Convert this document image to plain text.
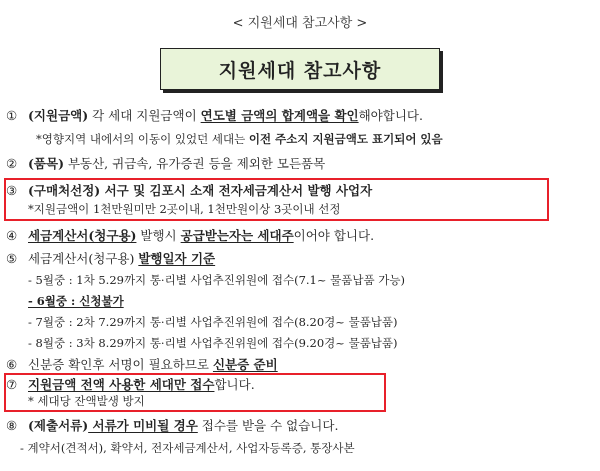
< 지원세대 참고사항 >
지원세대 참고사항
① (지원금액) 각 세대 지원금액이 연도별 금액의 합계액을 확인해야합니다.
*영향지역 내에서의 이동이 있었던 세대는 이전 주소지 지원금액도 표기되어 있음
② (품목) 부동산, 귀금속, 유가증권 등을 제외한 모든품목
③ (구매처선정) 서구 및 김포시 소재 전자세금계산서 발행 사업자
*지원금액이 1천만원미만 2곳이내, 1천만원이상 3곳이내 선정
④ 세금계산서(청구용) 발행시 공급받는자는 세대주이어야 합니다.
⑤ 세금계산서(청구용) 발행일자 기준
- 5월중 : 1차 5.29까지 통·리별 사업추진위원에 접수(7.1~ 물품납품 가능)
- 6월중 : 신청불가
- 7월중 : 2차 7.29까지 통·리별 사업추진위원에 접수(8.20경~ 물품납품)
- 8월중 : 3차 8.29까지 통·리별 사업추진위원에 접수(9.20경~ 물품납품)
⑥ 신분증 확인후 서명이 필요하므로 신분증 준비
⑦ 지원금액 전액 사용한 세대만 접수합니다.
* 세대당 잔액발생 방지
⑧ (제출서류) 서류가 미비될 경우 접수를 받을 수 없습니다.
- 계약서(견적서), 확약서, 전자세금계산서, 사업자등록증, 통장사본
